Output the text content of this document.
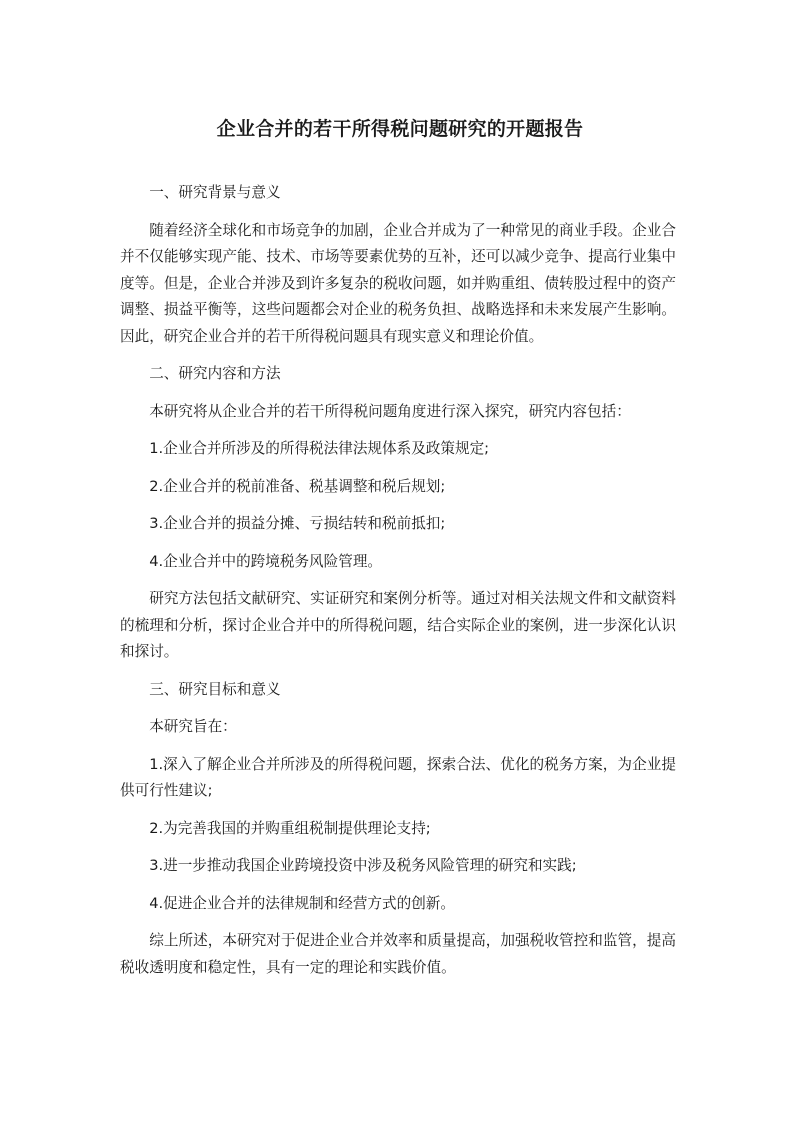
企业合并的若干所得税问题研究的开题报告

一、研究背景与意义

随着经济全球化和市场竞争的加剧，企业合并成为了一种常见的商业手段。企业合并不仅能够实现产能、技术、市场等要素优势的互补，还可以减少竞争、提高行业集中度等。但是，企业合并涉及到许多复杂的税收问题，如并购重组、债转股过程中的资产调整、损益平衡等，这些问题都会对企业的税务负担、战略选择和未来发展产生影响。因此，研究企业合并的若干所得税问题具有现实意义和理论价值。

二、研究内容和方法

本研究将从企业合并的若干所得税问题角度进行深入探究，研究内容包括：

1.企业合并所涉及的所得税法律法规体系及政策规定;

2.企业合并的税前准备、税基调整和税后规划;

3.企业合并的损益分摊、亏损结转和税前抵扣;

4.企业合并中的跨境税务风险管理。

研究方法包括文献研究、实证研究和案例分析等。通过对相关法规文件和文献资料的梳理和分析，探讨企业合并中的所得税问题，结合实际企业的案例，进一步深化认识和探讨。

三、研究目标和意义

本研究旨在：

1.深入了解企业合并所涉及的所得税问题，探索合法、优化的税务方案，为企业提供可行性建议;

2.为完善我国的并购重组税制提供理论支持;

3.进一步推动我国企业跨境投资中涉及税务风险管理的研究和实践;

4.促进企业合并的法律规制和经营方式的创新。

综上所述，本研究对于促进企业合并效率和质量提高，加强税收管控和监管，提高税收透明度和稳定性，具有一定的理论和实践价值。
